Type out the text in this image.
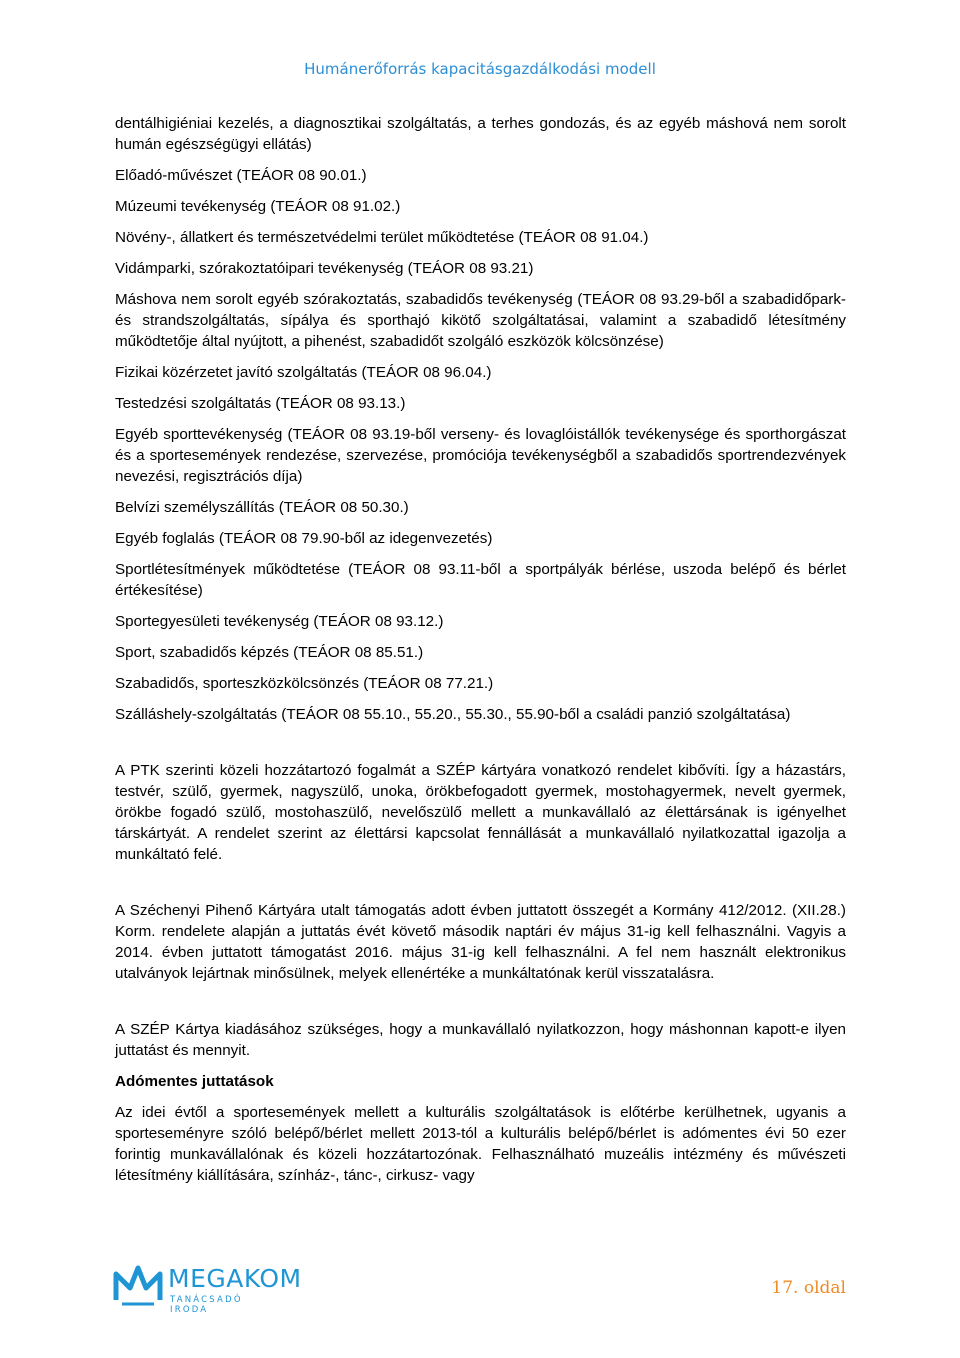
Humánerőforrás kapacitásgazdálkodási modell

dentálhigiéniai kezelés, a diagnosztikai szolgáltatás, a terhes gondozás, és az egyéb máshová nem sorolt humán egészségügyi ellátás)

Előadó-művészet (TEÁOR 08 90.01.)

Múzeumi tevékenység (TEÁOR 08 91.02.)

Növény-, állatkert és természetvédelmi terület működtetése (TEÁOR 08 91.04.)

Vidámparki, szórakoztatóipari tevékenység (TEÁOR 08 93.21)

Máshova nem sorolt egyéb szórakoztatás, szabadidős tevékenység (TEÁOR 08 93.29-ből a szabadidőpark- és strandszolgáltatás, sípálya és sporthajó kikötő szolgáltatásai, valamint a szabadidő létesítmény működtetője által nyújtott, a pihenést, szabadidőt szolgáló eszközök kölcsönzése)

Fizikai közérzetet javító szolgáltatás (TEÁOR 08 96.04.)

Testedzési szolgáltatás (TEÁOR 08 93.13.)

Egyéb sporttevékenység (TEÁOR 08 93.19-ből verseny- és lovaglóistállók tevékenysége és sporthorgászat és a sportesemények rendezése, szervezése, promóciója tevékenységből a szabadidős sportrendezvények nevezési, regisztrációs díja)

Belvízi személyszállítás (TEÁOR 08 50.30.)

Egyéb foglalás (TEÁOR 08 79.90-ből az idegenvezetés)

Sportlétesítmények működtetése (TEÁOR 08 93.11-ből a sportpályák bérlése, uszoda belépő és bérlet értékesítése)

Sportegyesületi tevékenység (TEÁOR 08 93.12.)

Sport, szabadidős képzés (TEÁOR 08 85.51.)

Szabadidős, sporteszközkölcsönzés (TEÁOR 08 77.21.)

Szálláshely-szolgáltatás (TEÁOR 08 55.10., 55.20., 55.30., 55.90-ből a családi panzió szolgáltatása)

A PTK szerinti közeli hozzátartozó fogalmát a SZÉP kártyára vonatkozó rendelet kibővíti. Így a házastárs, testvér, szülő, gyermek, nagyszülő, unoka, örökbefogadott gyermek, mostohagyermek, nevelt gyermek, örökbe fogadó szülő, mostohaszülő, nevelőszülő mellett a munkavállaló az élettársának is igényelhet társkártyát. A rendelet szerint az élettársi kapcsolat fennállását a munkavállaló nyilatkozattal igazolja a munkáltató felé.

A Széchenyi Pihenő Kártyára utalt támogatás adott évben juttatott összegét a Kormány 412/2012. (XII.28.) Korm. rendelete alapján a juttatás évét követő második naptári év május 31-ig kell felhasználni. Vagyis a 2014. évben juttatott támogatást 2016. május 31-ig kell felhasználni. A fel nem használt elektronikus utalványok lejártnak minősülnek, melyek ellenértéke a munkáltatónak kerül visszatalásra.

A SZÉP Kártya kiadásához szükséges, hogy a munkavállaló nyilatkozzon, hogy máshonnan kapott-e ilyen juttatást és mennyit.

Adómentes juttatások

Az idei évtől a sportesemények mellett a kulturális szolgáltatások is előtérbe kerülhetnek, ugyanis a sporteseményre szóló belépő/bérlet mellett 2013-tól a kulturális belépő/bérlet is adómentes évi 50 ezer forintig munkavállalónak és közeli hozzátartozónak. Felhasználható muzeális intézmény és művészeti létesítmény kiállítására, színház-, tánc-, cirkusz- vagy

MEGAKOM
TANÁCSADÓ IRODA
17. oldal
